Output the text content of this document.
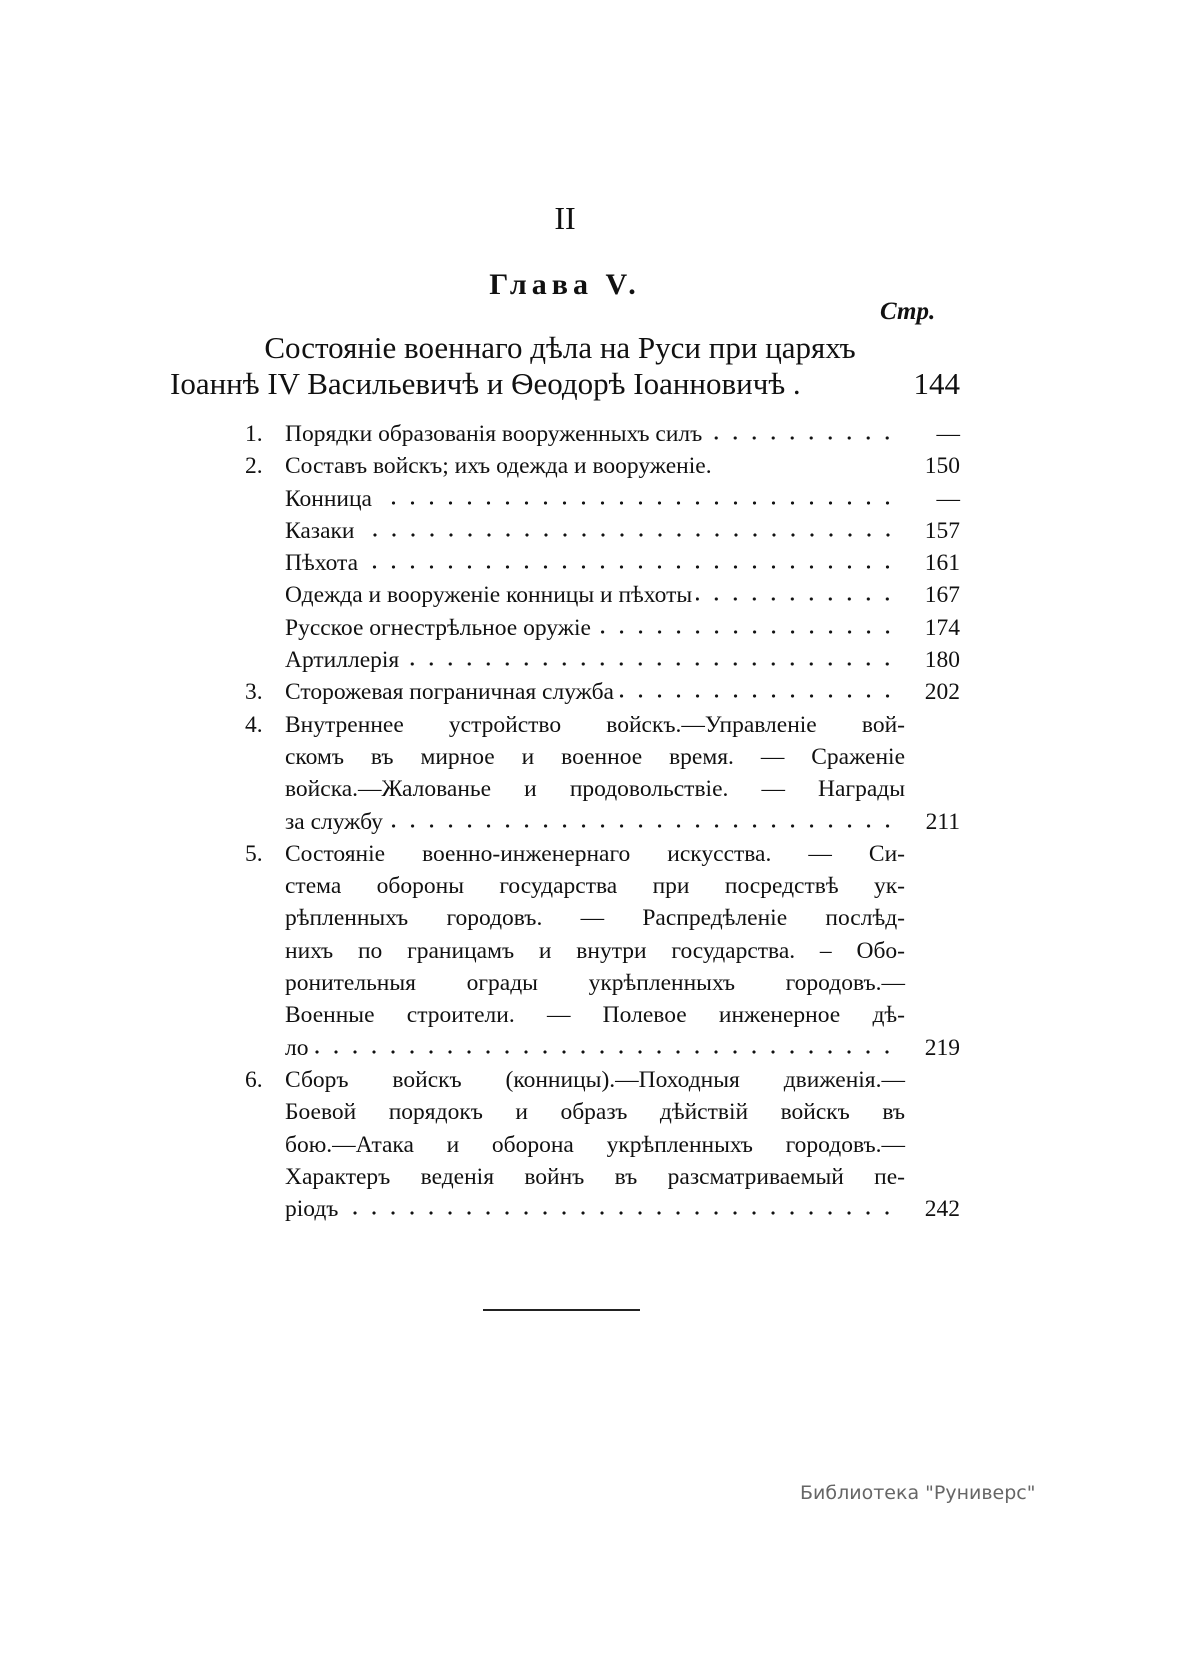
II
Глава V.
Стр.
Состояніе военнаго дѣла на Руси при царяхъ
Іоаннѣ IV Васильевичѣ и Ѳеодорѣ Іоанновичѣ .	144
1. Порядки образованія вооруженныхъ силъ	—
2. Составъ войскъ; ихъ одежда и вооруженіе.	150
Конница	—
Казаки	157
Пѣхота	161
Одежда и вооруженіе конницы и пѣхоты	167
Русское огнестрѣльное оружіе	174
Артиллерія	180
3. Сторожевая пограничная служба	202
4. Внутреннее устройство войскъ.—Управленіе вой-
скомъ въ мирное и военное время. — Сраженіе
войска.—Жалованье и продовольствіе. — Награды
за службу	211
5. Состояніе военно-инженернаго искусства. — Си-
стема обороны государства при посредствѣ ук-
рѣпленныхъ городовъ. — Распредѣленіе послѣд-
нихъ по границамъ и внутри государства. – Обо-
ронительныя ограды укрѣпленныхъ городовъ.—
Военные строители. — Полевое инженерное дѣ-
ло	219
6. Сборъ войскъ (конницы).—Походныя движенія.—
Боевой порядокъ и образъ дѣйствій войскъ въ
бою.—Атака и оборона укрѣпленныхъ городовъ.—
Характеръ веденія войнъ въ разсматриваемый пе-
ріодъ	242
Библиотека "Руниверс"
